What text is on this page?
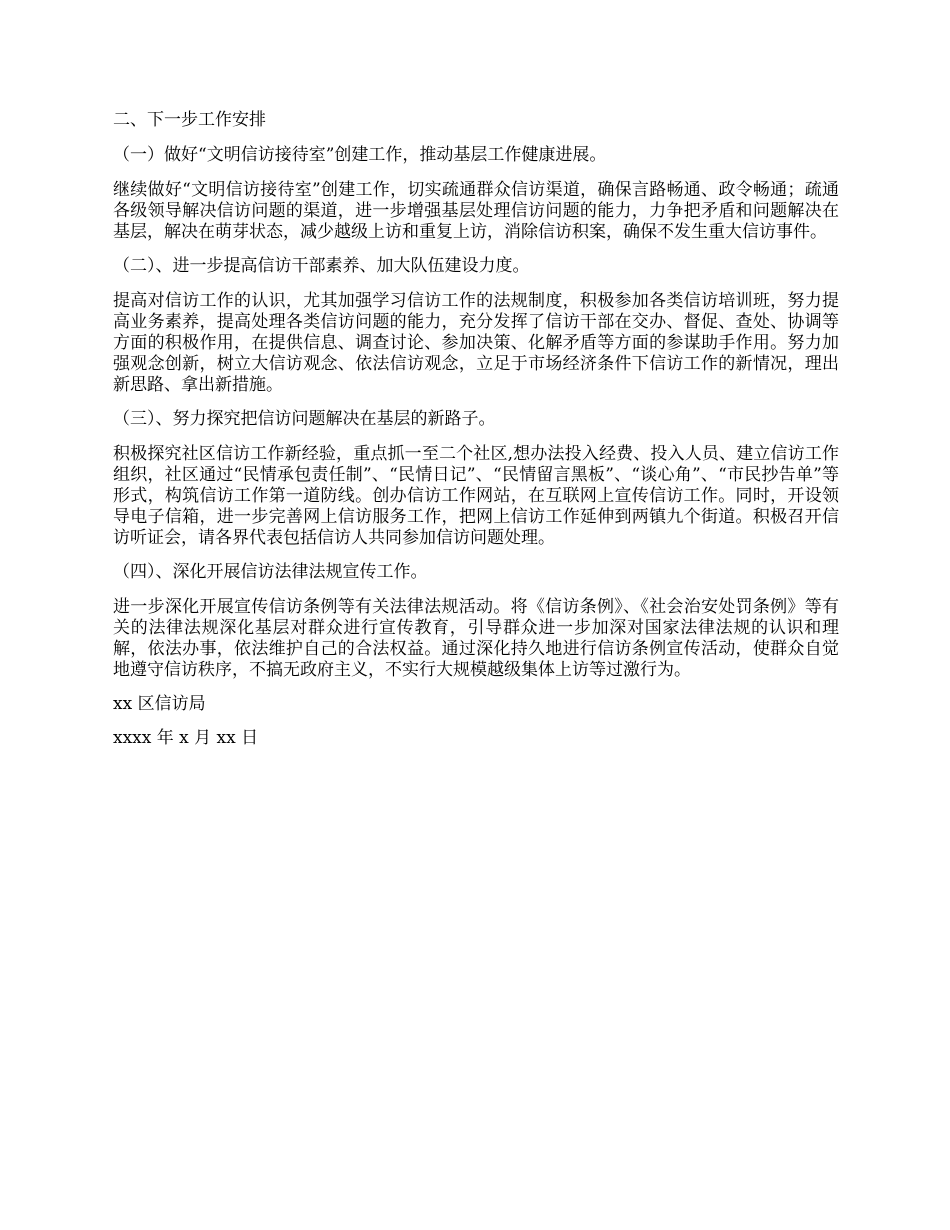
二、下一步工作安排

（一）做好“文明信访接待室”创建工作，推动基层工作健康进展。

继续做好“文明信访接待室”创建工作，切实疏通群众信访渠道，确保言路畅通、政令畅通；疏通各级领导解决信访问题的渠道，进一步增强基层处理信访问题的能力，力争把矛盾和问题解决在基层，解决在萌芽状态，减少越级上访和重复上访，消除信访积案，确保不发生重大信访事件。

（二）、进一步提高信访干部素养、加大队伍建设力度。

提高对信访工作的认识，尤其加强学习信访工作的法规制度，积极参加各类信访培训班，努力提高业务素养，提高处理各类信访问题的能力，充分发挥了信访干部在交办、督促、查处、协调等方面的积极作用，在提供信息、调查讨论、参加决策、化解矛盾等方面的参谋助手作用。努力加强观念创新，树立大信访观念、依法信访观念，立足于市场经济条件下信访工作的新情况，理出新思路、拿出新措施。

（三）、努力探究把信访问题解决在基层的新路子。

积极探究社区信访工作新经验，重点抓一至二个社区,想办法投入经费、投入人员、建立信访工作组织，社区通过“民情承包责任制”、“民情日记”、“民情留言黑板”、“谈心角”、“市民抄告单”等形式，构筑信访工作第一道防线。创办信访工作网站，在互联网上宣传信访工作。同时，开设领导电子信箱，进一步完善网上信访服务工作，把网上信访工作延伸到两镇九个街道。积极召开信访听证会，请各界代表包括信访人共同参加信访问题处理。

（四）、深化开展信访法律法规宣传工作。

进一步深化开展宣传信访条例等有关法律法规活动。将《信访条例》、《社会治安处罚条例》等有关的法律法规深化基层对群众进行宣传教育，引导群众进一步加深对国家法律法规的认识和理解，依法办事，依法维护自己的合法权益。通过深化持久地进行信访条例宣传活动，使群众自觉地遵守信访秩序，不搞无政府主义，不实行大规模越级集体上访等过激行为。

xx 区信访局

xxxx 年 x 月 xx 日
